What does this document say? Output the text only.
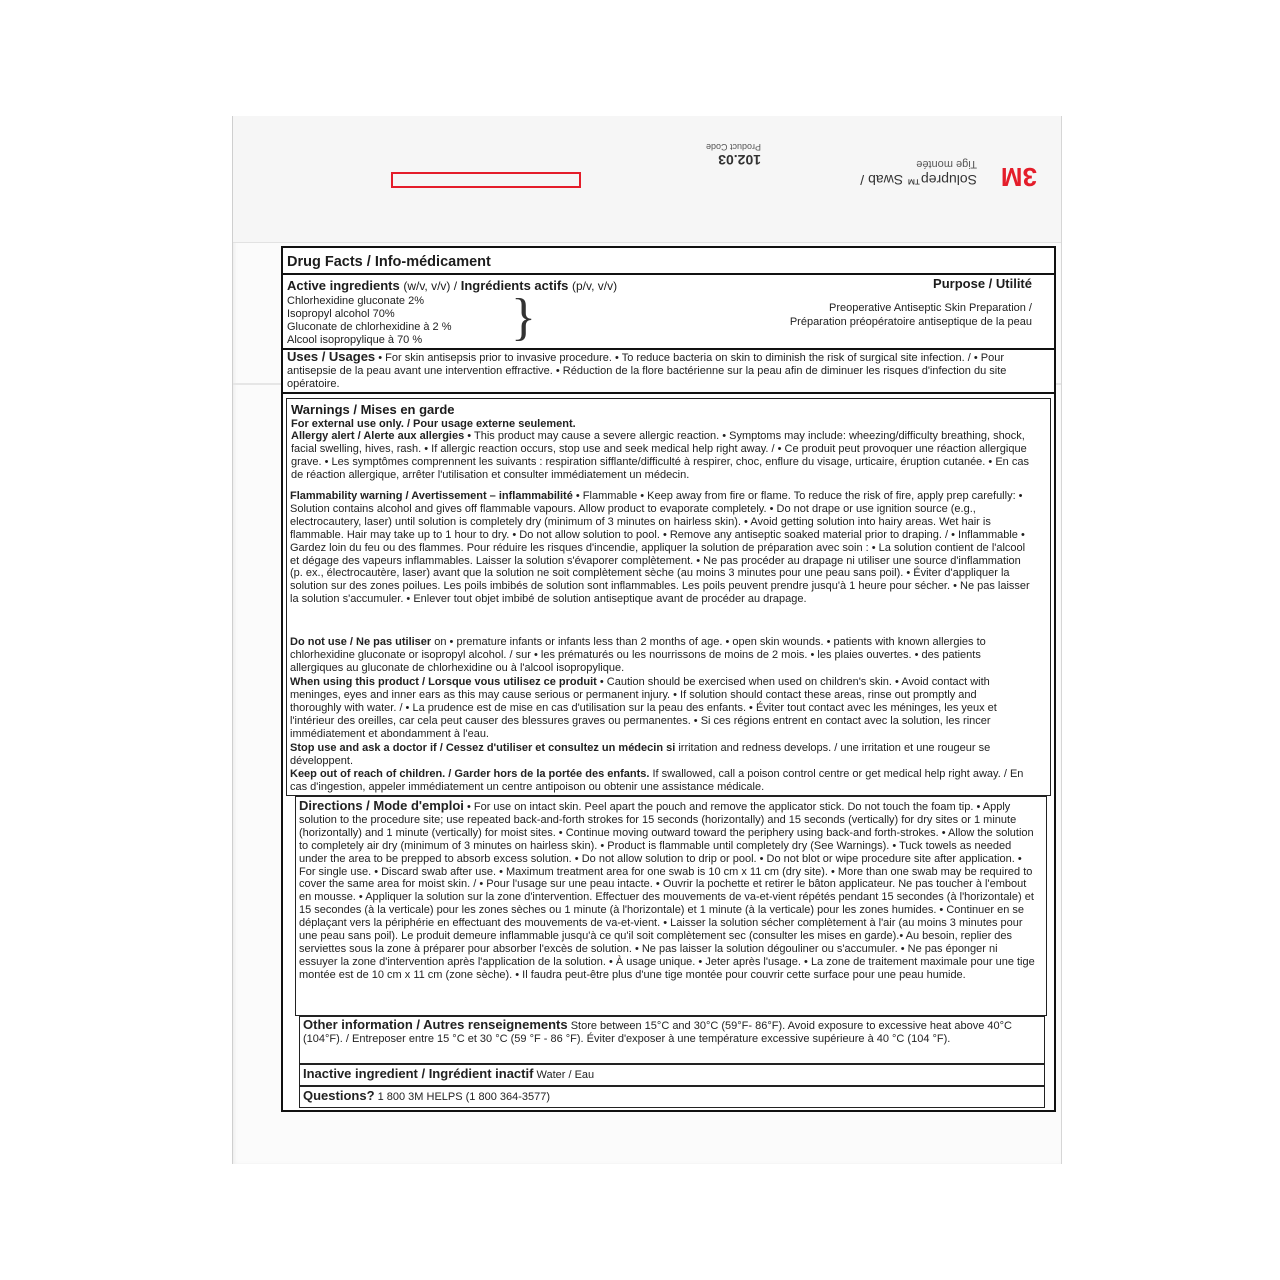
3M
Soluprep™ Swab /
Tige montée
102.03
Product Code
Drug Facts / Info-médicament
Active ingredients (w/v, v/v) / Ingrédients actifs (p/v, v/v)
Chlorhexidine gluconate 2%
Isopropyl alcohol 70%
Gluconate de chlorhexidine à 2 %
Alcool isopropylique à 70 % }
Purpose / Utilité
Preoperative Antiseptic Skin Preparation /
Préparation préopératoire antiseptique de la peau
Uses / Usages • For skin antisepsis prior to invasive procedure. • To reduce bacteria on skin to diminish the risk of surgical site infection. / • Pour antisepsie de la peau avant une intervention effractive. • Réduction de la flore bactérienne sur la peau afin de diminuer les risques d'infection du site opératoire.
Warnings / Mises en garde
For external use only. / Pour usage externe seulement.
Allergy alert / Alerte aux allergies • This product may cause a severe allergic reaction. • Symptoms may include: wheezing/difficulty breathing, shock, facial swelling, hives, rash. • If allergic reaction occurs, stop use and seek medical help right away. / • Ce produit peut provoquer une réaction allergique grave. • Les symptômes comprennent les suivants : respiration sifflante/difficulté à respirer, choc, enflure du visage, urticaire, éruption cutanée. • En cas de réaction allergique, arrêter l'utilisation et consulter immédiatement un médecin.
Flammability warning / Avertissement – inflammabilité • Flammable • Keep away from fire or flame. To reduce the risk of fire, apply prep carefully: • Solution contains alcohol and gives off flammable vapours. Allow product to evaporate completely. • Do not drape or use ignition source (e.g., electrocautery, laser) until solution is completely dry (minimum of 3 minutes on hairless skin). • Avoid getting solution into hairy areas. Wet hair is flammable. Hair may take up to 1 hour to dry. • Do not allow solution to pool. • Remove any antiseptic soaked material prior to draping. / • Inflammable • Gardez loin du feu ou des flammes. Pour réduire les risques d'incendie, appliquer la solution de préparation avec soin : • La solution contient de l'alcool et dégage des vapeurs inflammables. Laisser la solution s'évaporer complètement. • Ne pas procéder au drapage ni utiliser une source d'inflammation (p. ex., électrocautère, laser) avant que la solution ne soit complètement sèche (au moins 3 minutes pour une peau sans poil). • Éviter d'appliquer la solution sur des zones poilues. Les poils imbibés de solution sont inflammables. Les poils peuvent prendre jusqu'à 1 heure pour sécher. • Ne pas laisser la solution s'accumuler. • Enlever tout objet imbibé de solution antiseptique avant de procéder au drapage.
Do not use / Ne pas utiliser on • premature infants or infants less than 2 months of age. • open skin wounds. • patients with known allergies to chlorhexidine gluconate or isopropyl alcohol. / sur • les prématurés ou les nourrissons de moins de 2 mois. • les plaies ouvertes. • des patients allergiques au gluconate de chlorhexidine ou à l'alcool isopropylique.
When using this product / Lorsque vous utilisez ce produit • Caution should be exercised when used on children's skin. • Avoid contact with meninges, eyes and inner ears as this may cause serious or permanent injury. • If solution should contact these areas, rinse out promptly and thoroughly with water. / • La prudence est de mise en cas d'utilisation sur la peau des enfants. • Éviter tout contact avec les méninges, les yeux et l'intérieur des oreilles, car cela peut causer des blessures graves ou permanentes. • Si ces régions entrent en contact avec la solution, les rincer immédiatement et abondamment à l'eau.
Stop use and ask a doctor if / Cessez d'utiliser et consultez un médecin si irritation and redness develops. / une irritation et une rougeur se développent.
Keep out of reach of children. / Garder hors de la portée des enfants. If swallowed, call a poison control centre or get medical help right away. / En cas d'ingestion, appeler immédiatement un centre antipoison ou obtenir une assistance médicale.
Directions / Mode d'emploi • For use on intact skin. Peel apart the pouch and remove the applicator stick. Do not touch the foam tip. • Apply solution to the procedure site; use repeated back-and-forth strokes for 15 seconds (horizontally) and 15 seconds (vertically) for dry sites or 1 minute (horizontally) and 1 minute (vertically) for moist sites. • Continue moving outward toward the periphery using back-and forth-strokes. • Allow the solution to completely air dry (minimum of 3 minutes on hairless skin). • Product is flammable until completely dry (See Warnings). • Tuck towels as needed under the area to be prepped to absorb excess solution. • Do not allow solution to drip or pool. • Do not blot or wipe procedure site after application. • For single use. • Discard swab after use. • Maximum treatment area for one swab is 10 cm x 11 cm (dry site). • More than one swab may be required to cover the same area for moist skin. / • Pour l'usage sur une peau intacte. • Ouvrir la pochette et retirer le bâton applicateur. Ne pas toucher à l'embout en mousse. • Appliquer la solution sur la zone d'intervention. Effectuer des mouvements de va-et-vient répétés pendant 15 secondes (à l'horizontale) et 15 secondes (à la verticale) pour les zones sèches ou 1 minute (à l'horizontale) et 1 minute (à la verticale) pour les zones humides. • Continuer en se déplaçant vers la périphérie en effectuant des mouvements de va-et-vient. • Laisser la solution sécher complètement à l'air (au moins 3 minutes pour une peau sans poil). Le produit demeure inflammable jusqu'à ce qu'il soit complètement sec (consulter les mises en garde).• Au besoin, replier des serviettes sous la zone à préparer pour absorber l'excès de solution. • Ne pas laisser la solution dégouliner ou s'accumuler. • Ne pas éponger ni essuyer la zone d'intervention après l'application de la solution. • À usage unique. • Jeter après l'usage. • La zone de traitement maximale pour une tige montée est de 10 cm x 11 cm (zone sèche). • Il faudra peut-être plus d'une tige montée pour couvrir cette surface pour une peau humide.
Other information / Autres renseignements Store between 15°C and 30°C (59°F- 86°F). Avoid exposure to excessive heat above 40°C (104°F). / Entreposer entre 15 °C et 30 °C (59 °F - 86 °F). Éviter d'exposer à une température excessive supérieure à 40 °C (104 °F).
Inactive ingredient / Ingrédient inactif Water / Eau
Questions? 1 800 3M HELPS (1 800 364-3577)
